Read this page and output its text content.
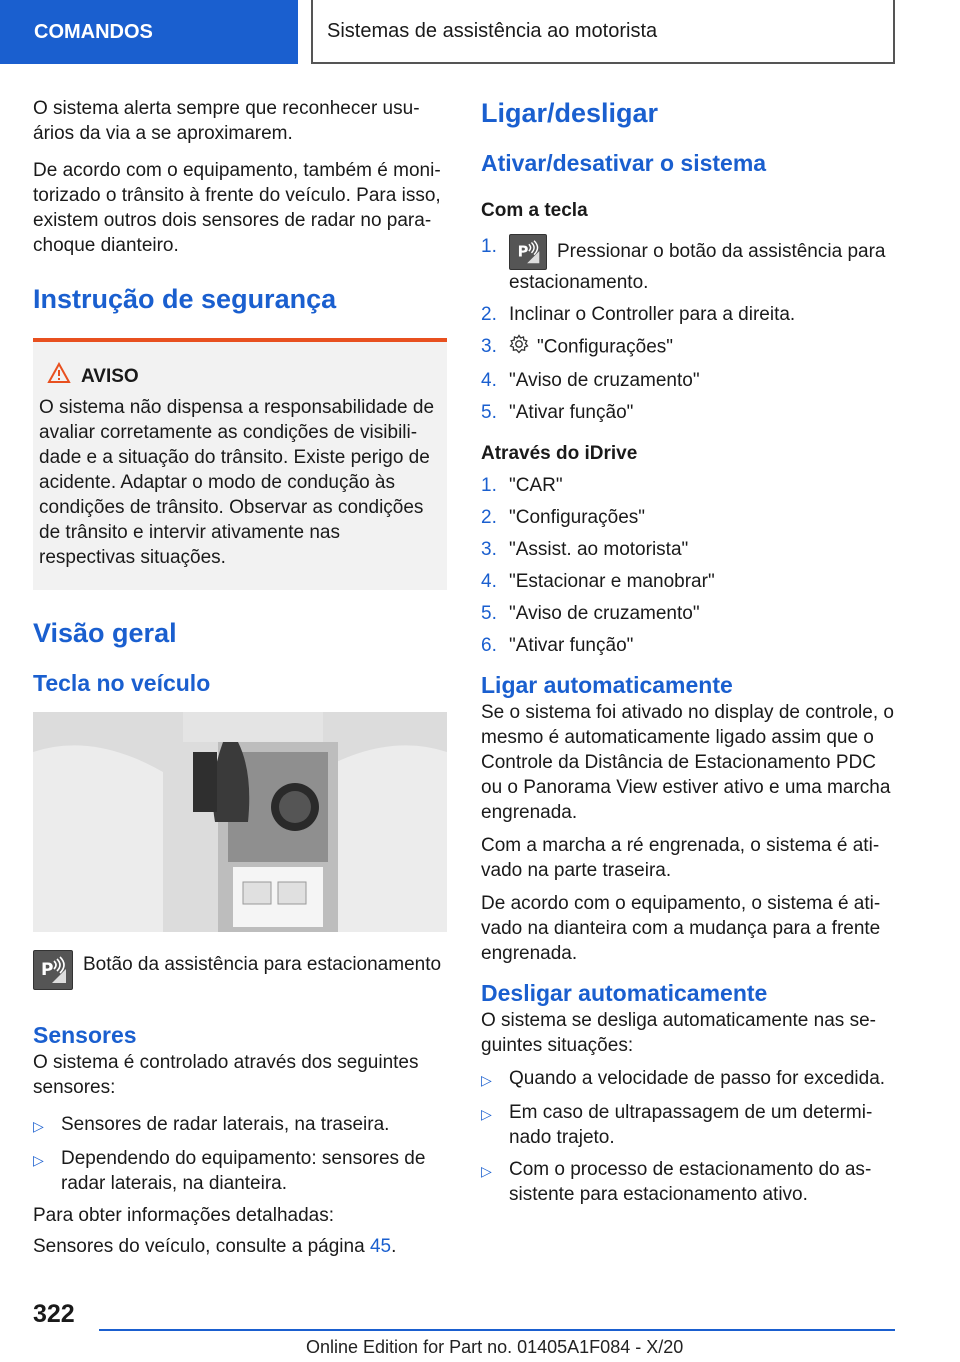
COMANDOS	Sistemas de assistência ao motorista

O sistema alerta sempre que reconhecer usuários da via a se aproximarem.

De acordo com o equipamento, também é monitorizado o trânsito à frente do veículo. Para isso, existem outros dois sensores de radar no para-choque dianteiro.

Instrução de segurança
AVISO
O sistema não dispensa a responsabilidade de avaliar corretamente as condições de visibilidade e a situação do trânsito. Existe perigo de acidente. Adaptar o modo de condução às condições de trânsito. Observar as condições de trânsito e intervir ativamente nas respectivas situações.
Visão geral
Tecla no veículo
P Botão da assistência para estacionamento
Sensores

O sistema é controlado através dos seguintes sensores:

▷ Sensores de radar laterais, na traseira.
▷ Dependendo do equipamento: sensores de radar laterais, na dianteira.

Para obter informações detalhadas:

Sensores do veículo, consulte a página 45.

Ligar/desligar
Ativar/desativar o sistema
Com a tecla
1.	P Pressionar o botão da assistência para estacionamento.
2. Inclinar o Controller para a direita.
3.	"Configurações"
4. "Aviso de cruzamento"
5. "Ativar função"
Através do iDrive
1. "CAR"
2. "Configurações"
3. "Assist. ao motorista"
4. "Estacionar e manobrar"
5. "Aviso de cruzamento"
6. "Ativar função"
Ligar automaticamente

Se o sistema foi ativado no display de controle, o mesmo é automaticamente ligado assim que o Controle da Distância de Estacionamento PDC ou o Panorama View estiver ativo e uma marcha engrenada.

Com a marcha a ré engrenada, o sistema é ativado na parte traseira.

De acordo com o equipamento, o sistema é ativado na dianteira com a mudança para a frente engrenada.

Desligar automaticamente

O sistema se desliga automaticamente nas seguintes situações:

▷ Quando a velocidade de passo for excedida.
▷ Em caso de ultrapassagem de um determinado trajeto.
▷ Com o processo de estacionamento do assistente para estacionamento ativo.
322
Online Edition for Part no. 01405A1F084 - X/20
